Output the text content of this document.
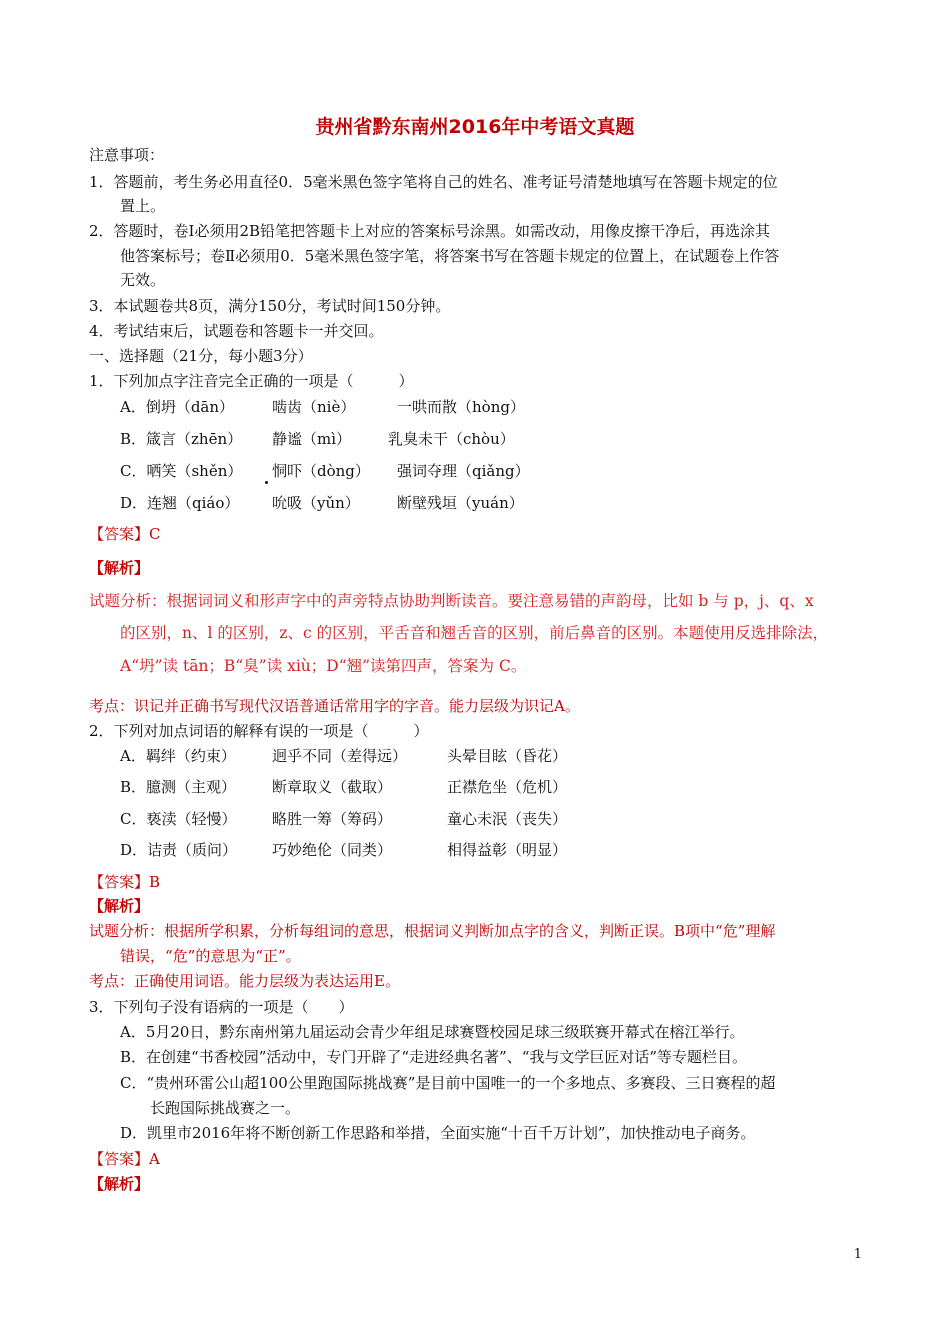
贵州省黔东南州2016年中考语文真题
注意事项：
1．答题前，考生务必用直径0．5毫米黑色签字笔将自己的姓名、准考证号清楚地填写在答题卡规定的位
置上。
2．答题时，卷Ⅰ必须用2B铅笔把答题卡上对应的答案标号涂黑。如需改动，用像皮擦干净后，再选涂其
他答案标号；卷Ⅱ必须用0．5毫米黑色签字笔，将答案书写在答题卡规定的位置上，在试题卷上作答
无效。
3．本试题卷共8页，满分150分，考试时间150分钟。
4．考试结束后，试题卷和答题卡一并交回。
一、选择题（21分，每小题3分）
1．下列加点字注音完全正确的一项是（　　　）
A．倒坍（dān）	啮齿（niè）	一哄而散（hòng）
B．箴言（zhēn） 静谧（mì） 乳臭未干（chòu）
C．哂笑（shěn） 恫吓（dòng） 强词夺理（qiǎng）
D．连翘（qiáo） 吮吸（yǔn） 断壁残垣（yuán）
【答案】C
【解析】
试题分析：根据词词义和形声字中的声旁特点协助判断读音。要注意易错的声韵母，比如 b 与 p，j、q、x
的区别，n、l 的区别，z、c 的区别，平舌音和翘舌音的区别，前后鼻音的区别。本题使用反选排除法，
A“坍”读 tān；B“臭”读 xiù；D“翘”读第四声，答案为 C。
考点：识记并正确书写现代汉语普通话常用字的字音。能力层级为识记A。
2．下列对加点词语的解释有误的一项是（　　　）
A．羁绊（约束） 迥乎不同（差得远）	头晕目眩（昏花）
B．臆测（主观） 断章取义（截取）	正襟危坐（危机）
C．亵渎（轻慢） 略胜一筹（筹码）	童心未泯（丧失）
D．诘责（质问） 巧妙绝伦（同类）	相得益彰（明显）
【答案】B
【解析】
试题分析：根据所学积累，分析每组词的意思，根据词义判断加点字的含义，判断正误。B项中“危”理解
错误，“危”的意思为“正”。
考点：正确使用词语。能力层级为表达运用E。
3．下列句子没有语病的一项是（　　）
A．5月20日，黔东南州第九届运动会青少年组足球赛暨校园足球三级联赛开幕式在榕江举行。
B．在创建“书香校园”活动中，专门开辟了“走进经典名著”、“我与文学巨匠对话”等专题栏目。
C．“贵州环雷公山超100公里跑国际挑战赛”是目前中国唯一的一个多地点、多赛段、三日赛程的超
长跑国际挑战赛之一。
D．凯里市2016年将不断创新工作思路和举措，全面实施“十百千万计划”，加快推动电子商务。
【答案】A
【解析】
1
